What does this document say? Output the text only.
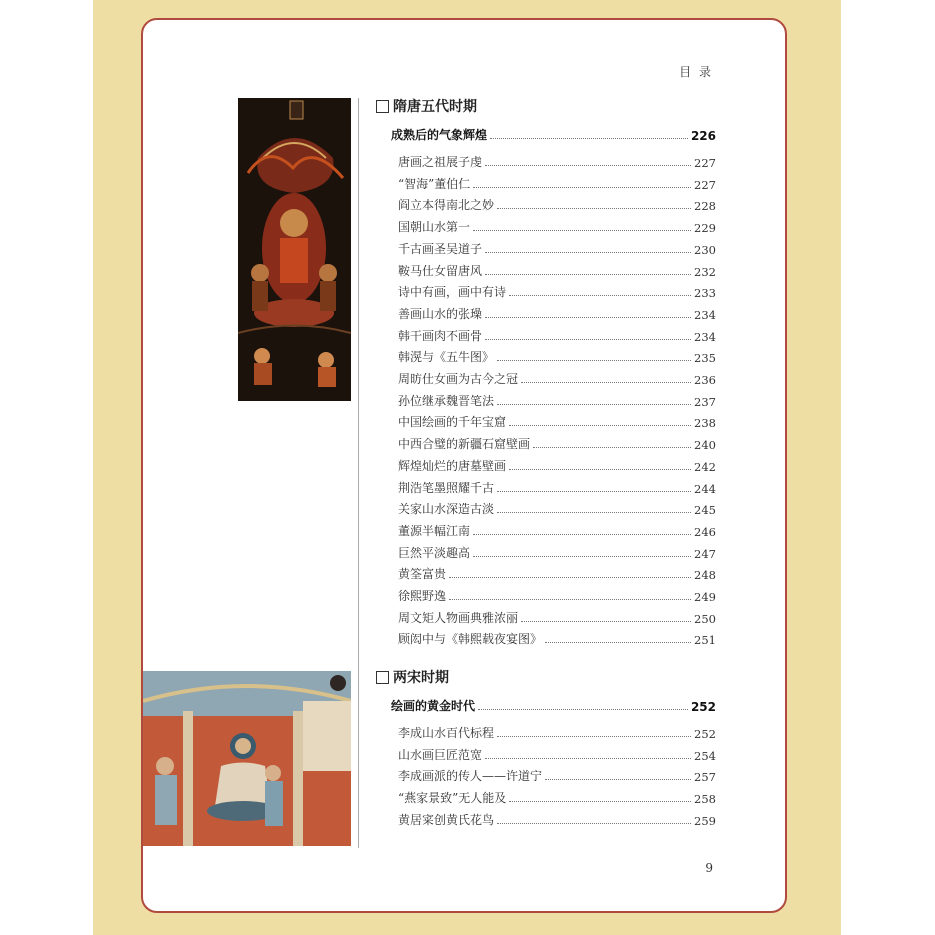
目 录
隋唐五代时期
成熟后的气象辉煌	226
唐画之祖展子虔	227
“智海”董伯仁	227
阎立本得南北之妙	228
国朝山水第一	229
千古画圣吴道子	230
鞍马仕女留唐风	232
诗中有画，画中有诗	233
善画山水的张璪	234
韩干画肉不画骨	234
韩滉与《五牛图》	235
周昉仕女画为古今之冠	236
孙位继承魏晋笔法	237
中国绘画的千年宝窟	238
中西合璧的新疆石窟壁画	240
辉煌灿烂的唐墓壁画	242
荆浩笔墨照耀千古	244
关家山水深造古淡	245
董源半幅江南	246
巨然平淡趣高	247
黄筌富贵	248
徐熙野逸	249
周文矩人物画典雅浓丽	250
顾闳中与《韩熙载夜宴图》	251
两宋时期
绘画的黄金时代	252
李成山水百代标程	252
山水画巨匠范宽	254
李成画派的传人——许道宁	257
“燕家景致”无人能及	258
黄居寀创黄氏花鸟	259
9
